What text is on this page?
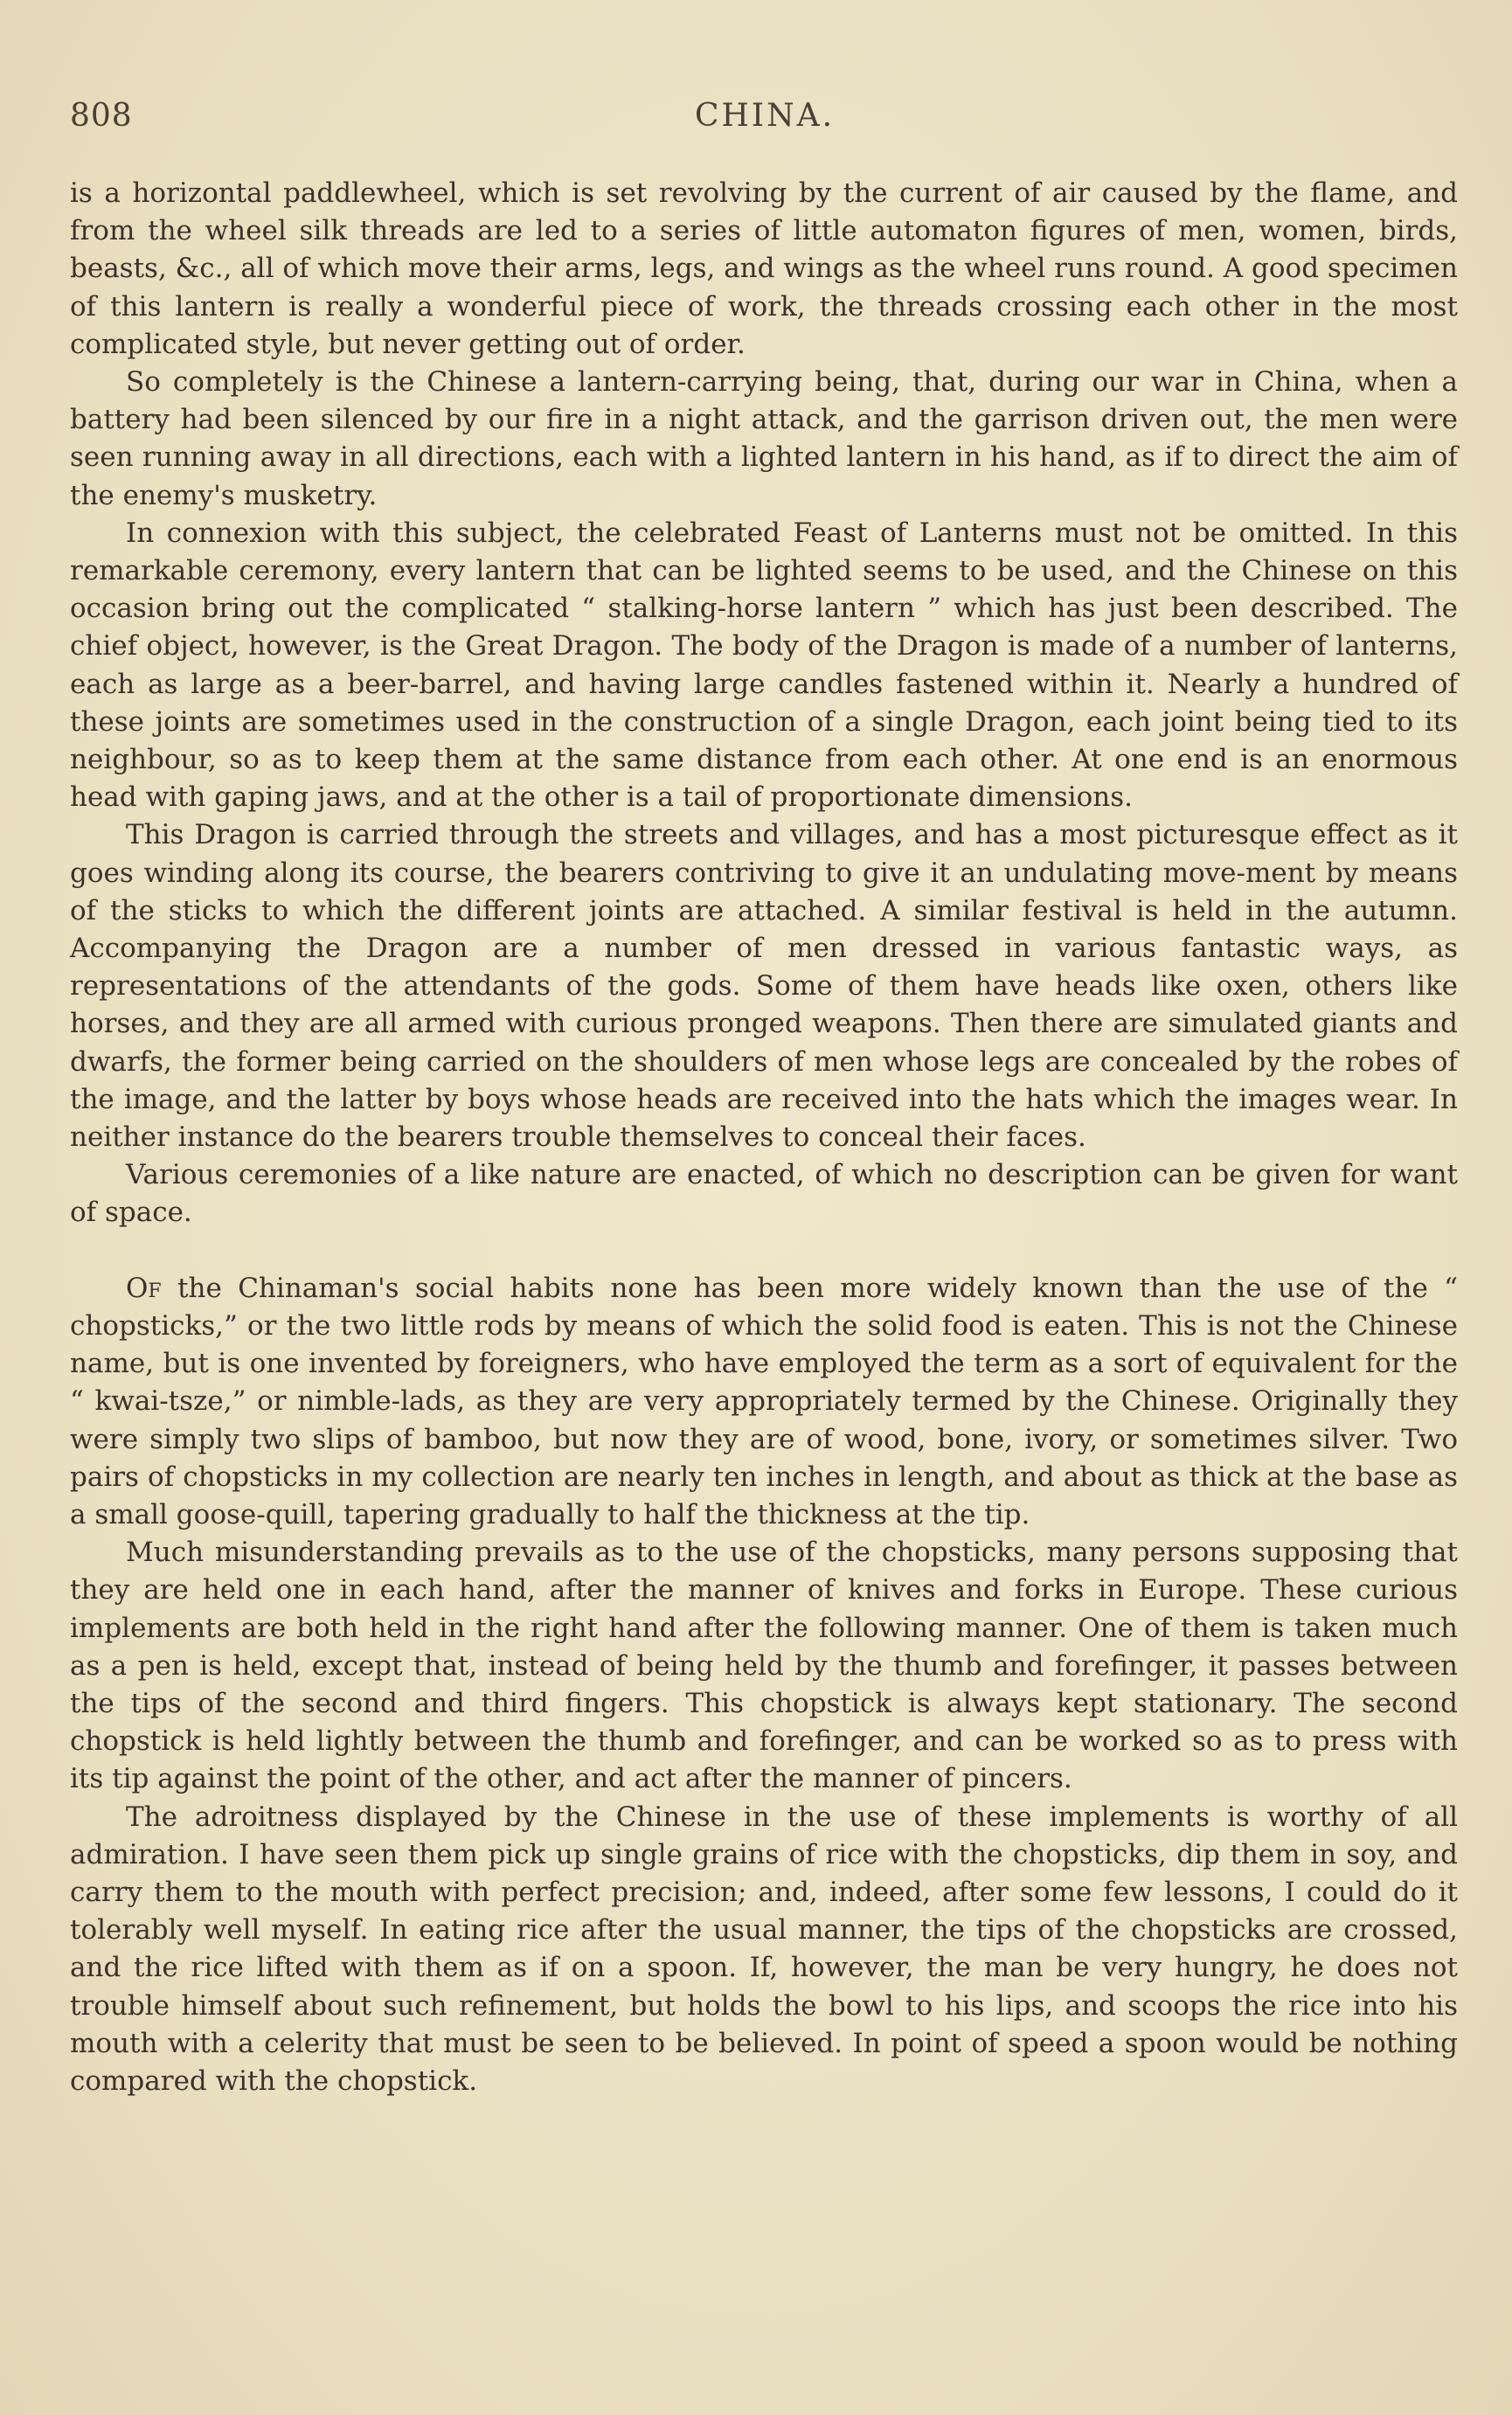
808	CHINA.

is a horizontal paddlewheel, which is set revolving by the current of air caused by the flame, and from the wheel silk threads are led to a series of little automaton figures of men, women, birds, beasts, &c., all of which move their arms, legs, and wings as the wheel runs round. A good specimen of this lantern is really a wonderful piece of work, the threads crossing each other in the most complicated style, but never getting out of order.

So completely is the Chinese a lantern-carrying being, that, during our war in China, when a battery had been silenced by our fire in a night attack, and the garrison driven out, the men were seen running away in all directions, each with a lighted lantern in his hand, as if to direct the aim of the enemy's musketry.

In connexion with this subject, the celebrated Feast of Lanterns must not be omitted. In this remarkable ceremony, every lantern that can be lighted seems to be used, and the Chinese on this occasion bring out the complicated “ stalking-horse lantern ” which has just been described. The chief object, however, is the Great Dragon. The body of the Dragon is made of a number of lanterns, each as large as a beer-barrel, and having large candles fastened within it. Nearly a hundred of these joints are sometimes used in the construction of a single Dragon, each joint being tied to its neighbour, so as to keep them at the same distance from each other. At one end is an enormous head with gaping jaws, and at the other is a tail of proportionate dimensions.

This Dragon is carried through the streets and villages, and has a most picturesque effect as it goes winding along its course, the bearers contriving to give it an undulating move-ment by means of the sticks to which the different joints are attached. A similar festival is held in the autumn. Accompanying the Dragon are a number of men dressed in various fantastic ways, as representations of the attendants of the gods. Some of them have heads like oxen, others like horses, and they are all armed with curious pronged weapons. Then there are simulated giants and dwarfs, the former being carried on the shoulders of men whose legs are concealed by the robes of the image, and the latter by boys whose heads are received into the hats which the images wear. In neither instance do the bearers trouble themselves to conceal their faces.

Various ceremonies of a like nature are enacted, of which no description can be given for want of space.

Of the Chinaman's social habits none has been more widely known than the use of the “ chopsticks,” or the two little rods by means of which the solid food is eaten. This is not the Chinese name, but is one invented by foreigners, who have employed the term as a sort of equivalent for the “ kwai-tsze,” or nimble-lads, as they are very appropriately termed by the Chinese. Originally they were simply two slips of bamboo, but now they are of wood, bone, ivory, or sometimes silver. Two pairs of chopsticks in my collection are nearly ten inches in length, and about as thick at the base as a small goose-quill, tapering gradually to half the thickness at the tip.

Much misunderstanding prevails as to the use of the chopsticks, many persons supposing that they are held one in each hand, after the manner of knives and forks in Europe. These curious implements are both held in the right hand after the following manner. One of them is taken much as a pen is held, except that, instead of being held by the thumb and forefinger, it passes between the tips of the second and third fingers. This chopstick is always kept stationary. The second chopstick is held lightly between the thumb and forefinger, and can be worked so as to press with its tip against the point of the other, and act after the manner of pincers.

The adroitness displayed by the Chinese in the use of these implements is worthy of all admiration. I have seen them pick up single grains of rice with the chopsticks, dip them in soy, and carry them to the mouth with perfect precision; and, indeed, after some few lessons, I could do it tolerably well myself. In eating rice after the usual manner, the tips of the chopsticks are crossed, and the rice lifted with them as if on a spoon. If, however, the man be very hungry, he does not trouble himself about such refinement, but holds the bowl to his lips, and scoops the rice into his mouth with a celerity that must be seen to be believed. In point of speed a spoon would be nothing compared with the chopstick.
